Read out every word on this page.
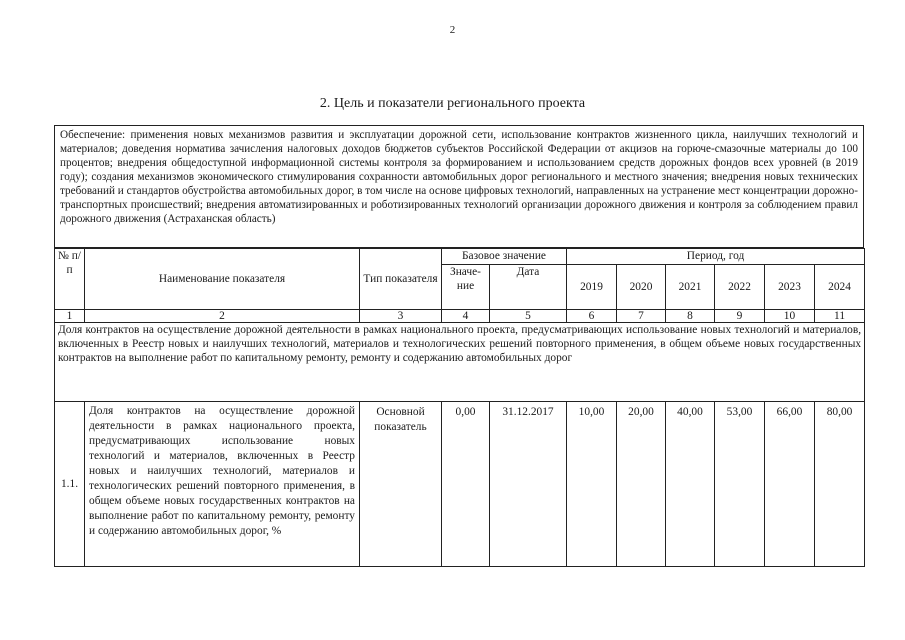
2
2. Цель и показатели регионального проекта
Обеспечение: применения новых механизмов развития и эксплуатации дорожной сети, использование контрактов жизненного цикла, наилучших технологий и материалов; доведения норматива зачисления налоговых доходов бюджетов субъектов Российской Федерации от акцизов на горюче-смазочные материалы до 100 процентов; внедрения общедоступной информационной системы контроля за формированием и использованием средств дорожных фондов всех уровней (в 2019 году); создания механизмов экономического стимулирования сохранности автомобильных дорог регионального и местного значения; внедрения новых технических требований и стандартов обустройства автомобильных дорог, в том числе на основе цифровых технологий, направленных на устранение мест концентрации дорожно-транспортных происшествий; внедрения автоматизированных и роботизированных технологий организации дорожного движения и контроля за соблюдением правил дорожного движения (Астраханская область)
№ п/п	Наименование показателя	Тип показателя	Базовое значение		Период, год					
			Значе-ние	Дата	2019	2020	2021	2022	2023	2024
1	2	3	4	5	6	7	8	9	10	11
Доля контрактов на осуществление дорожной деятельности в рамках национального проекта, предусматривающих использование новых технологий и материалов, включенных в Реестр новых и наилучших технологий, материалов и технологических решений повторного применения, в общем объеме новых государственных контрактов на выполнение работ по капитальному ремонту, ремонту и содержанию автомобильных дорог										
1.1.	Доля контрактов на осуществление дорожной деятельности в рамках национального проекта, предусматривающих использование новых технологий и материалов, включенных в Реестр новых и наилучших технологий, материалов и технологических решений повторного применения, в общем объеме новых государственных контрактов на выполнение работ по капитальному ремонту, ремонту и содержанию автомобильных дорог, %	Основной показатель	0,00	31.12.2017	10,00	20,00	40,00	53,00	66,00	80,00
